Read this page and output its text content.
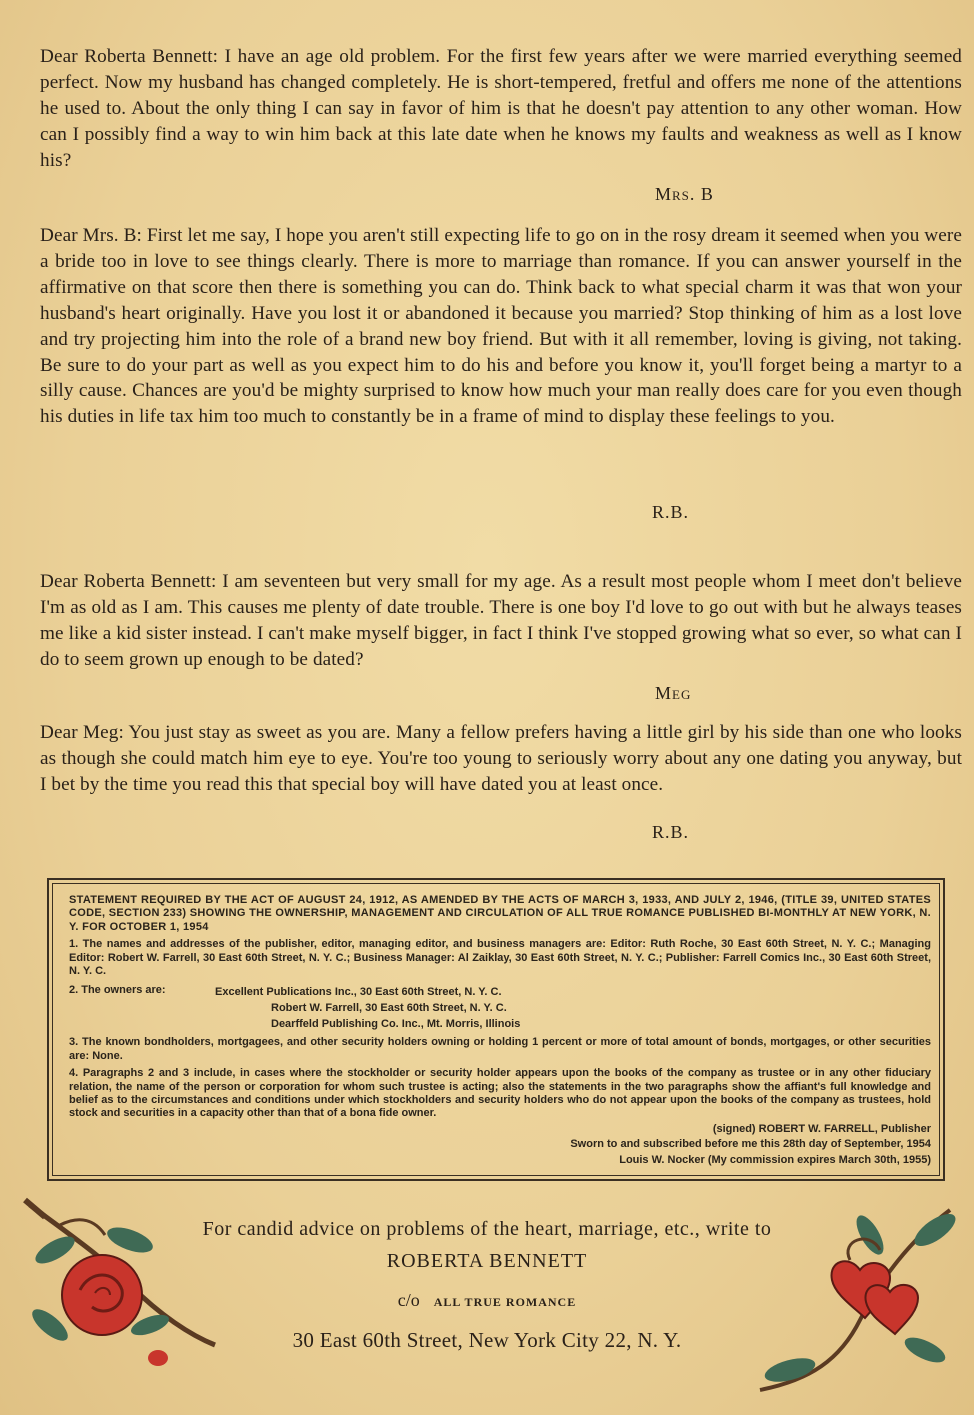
Dear Roberta Bennett: I have an age old problem. For the first few years after we were married everything seemed perfect. Now my husband has changed completely. He is short-tempered, fretful and offers me none of the attentions he used to. About the only thing I can say in favor of him is that he doesn't pay attention to any other woman. How can I possibly find a way to win him back at this late date when he knows my faults and weakness as well as I know his?
Mrs. B
Dear Mrs. B: First let me say, I hope you aren't still expecting life to go on in the rosy dream it seemed when you were a bride too in love to see things clearly. There is more to marriage than romance. If you can answer yourself in the affirmative on that score then there is something you can do. Think back to what special charm it was that won your husband's heart originally. Have you lost it or abandoned it because you married? Stop thinking of him as a lost love and try projecting him into the role of a brand new boy friend. But with it all remember, loving is giving, not taking. Be sure to do your part as well as you expect him to do his and before you know it, you'll forget being a martyr to a silly cause. Chances are you'd be mighty surprised to know how much your man really does care for you even though his duties in life tax him too much to constantly be in a frame of mind to display these feelings to you.
R.B.
Dear Roberta Bennett: I am seventeen but very small for my age. As a result most people whom I meet don't believe I'm as old as I am. This causes me plenty of date trouble. There is one boy I'd love to go out with but he always teases me like a kid sister instead. I can't make myself bigger, in fact I think I've stopped growing what so ever, so what can I do to seem grown up enough to be dated?
Meg
Dear Meg: You just stay as sweet as you are. Many a fellow prefers having a little girl by his side than one who looks as though she could match him eye to eye. You're too young to seriously worry about any one dating you anyway, but I bet by the time you read this that special boy will have dated you at least once.
R.B.
STATEMENT REQUIRED BY THE ACT OF AUGUST 24, 1912, AS AMENDED BY THE ACTS OF MARCH 3, 1933, AND JULY 2, 1946, (TITLE 39, UNITED STATES CODE, SECTION 233) SHOWING THE OWNERSHIP, MANAGEMENT AND CIRCULATION OF ALL TRUE ROMANCE PUBLISHED BI-MONTHLY AT NEW YORK, N. Y. FOR OCTOBER 1, 1954
1. The names and addresses of the publisher, editor, managing editor, and business managers are: Editor: Ruth Roche, 30 East 60th Street, N. Y. C.; Managing Editor: Robert W. Farrell, 30 East 60th Street, N. Y. C.; Business Manager: Al Zaiklay, 30 East 60th Street, N. Y. C.; Publisher: Farrell Comics Inc., 30 East 60th Street, N. Y. C.
2. The owners are:	Excellent Publications Inc., 30 East 60th Street, N. Y. C.
Robert W. Farrell, 30 East 60th Street, N. Y. C.
Dearffeld Publishing Co. Inc., Mt. Morris, Illinois
3. The known bondholders, mortgagees, and other security holders owning or holding 1 percent or more of total amount of bonds, mortgages, or other securities are: None.
4. Paragraphs 2 and 3 include, in cases where the stockholder or security holder appears upon the books of the company as trustee or in any other fiduciary relation, the name of the person or corporation for whom such trustee is acting; also the statements in the two paragraphs show the affiant's full knowledge and belief as to the circumstances and conditions under which stockholders and security holders who do not appear upon the books of the company as trustees, hold stock and securities in a capacity other than that of a bona fide owner.
(signed) ROBERT W. FARRELL, Publisher
Sworn to and subscribed before me this 28th day of September, 1954
Louis W. Nocker (My commission expires March 30th, 1955)
For candid advice on problems of the heart, marriage, etc., write to
ROBERTA BENNETT
c/o ALL TRUE ROMANCE
30 East 60th Street, New York City 22, N. Y.
